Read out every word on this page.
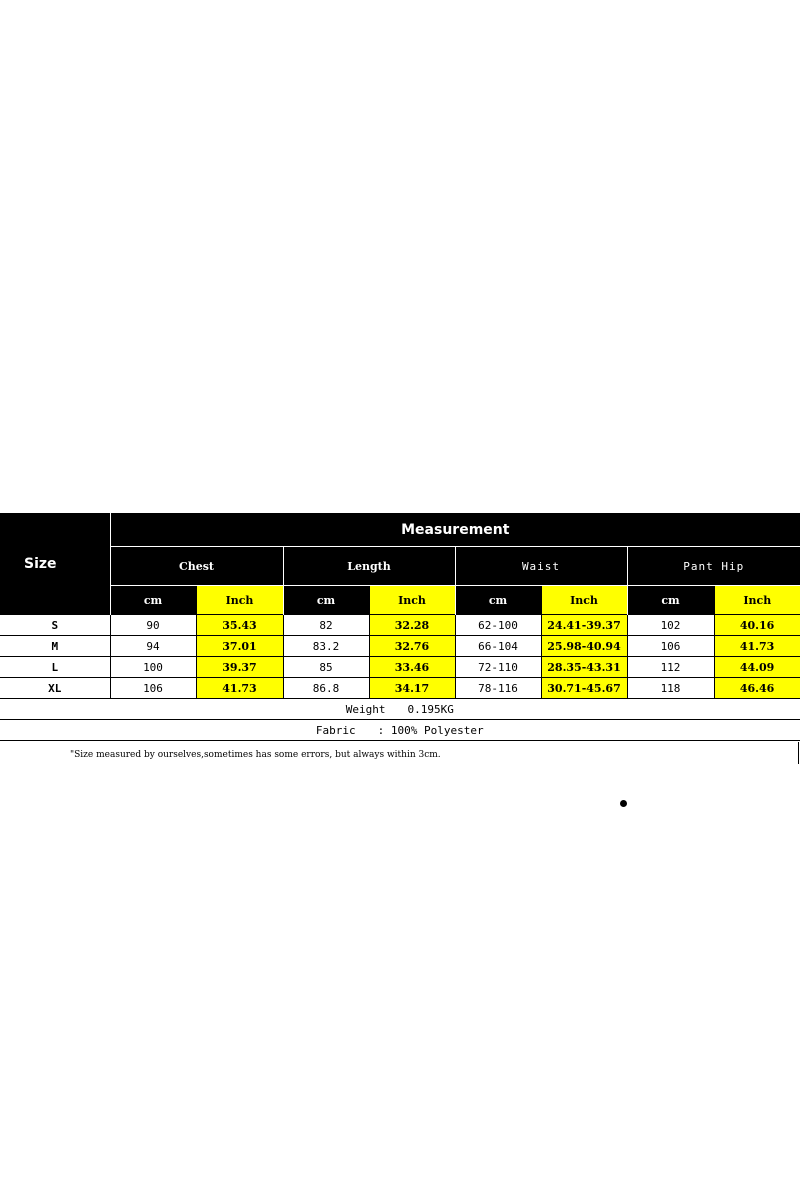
Size	Measurement							
	Chest		Length		Waist		Pant Hip	
	cm	Inch	cm	Inch	cm	Inch	cm	Inch
S	90	35.43	82	32.28	62-100	24.41-39.37	102	40.16
M	94	37.01	83.2	32.76	66-104	25.98-40.94	106	41.73
L	100	39.37	85	33.46	72-110	28.35-43.31	112	44.09
XL	106	41.73	86.8	34.17	78-116	30.71-45.67	118	46.46
Weight 0.195KG								
Fabric : 100% Polyester								
"Size measured by ourselves,sometimes has some errors, but always within 3cm.
